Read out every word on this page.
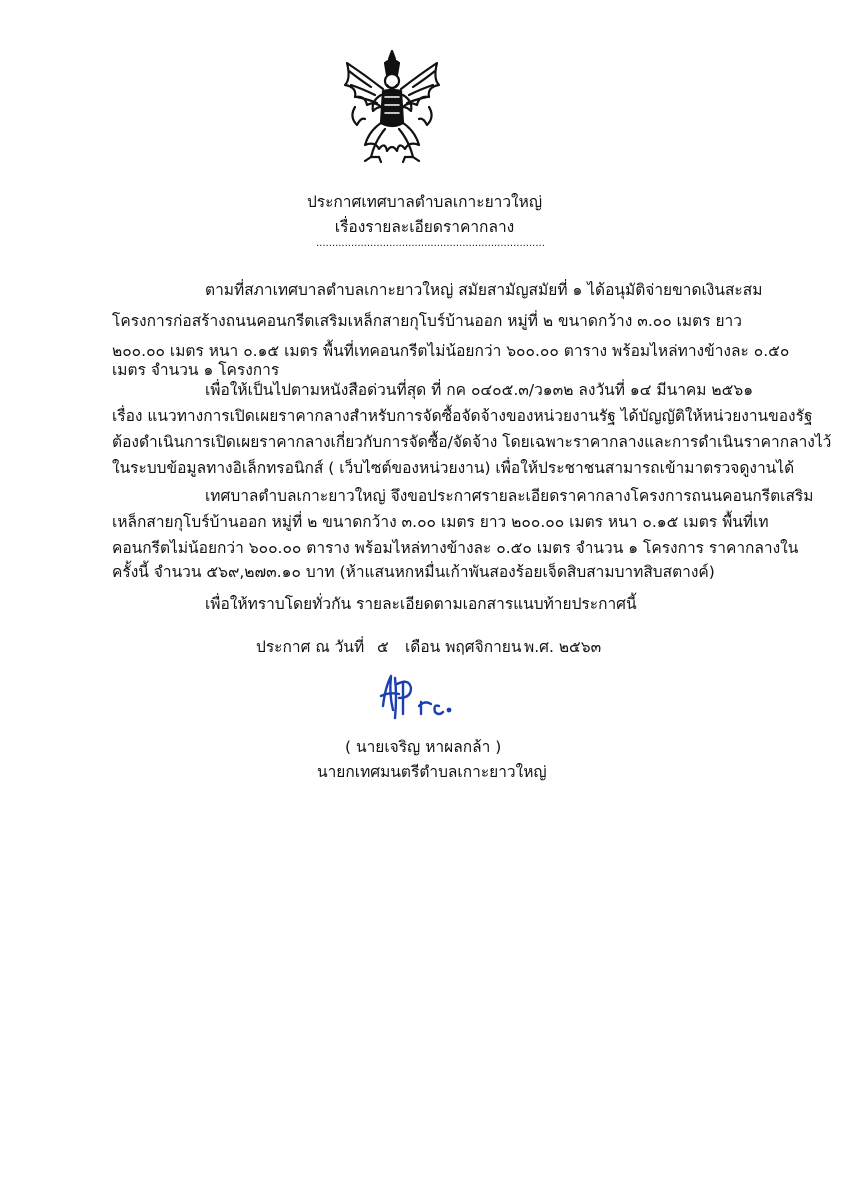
ประกาศเทศบาลตำบลเกาะยาวใหญ่
เรื่องรายละเอียดราคากลาง
........................................................................
ตามที่สภาเทศบาลตำบลเกาะยาวใหญ่ สมัยสามัญสมัยที่ ๑ ได้อนุมัติจ่ายขาดเงินสะสม
โครงการก่อสร้างถนนคอนกรีตเสริมเหล็กสายกุโบร์บ้านออก หมู่ที่ ๒ ขนาดกว้าง ๓.๐๐ เมตร ยาว
๒๐๐.๐๐ เมตร หนา ๐.๑๕ เมตร พื้นที่เทคอนกรีตไม่น้อยกว่า ๖๐๐.๐๐ ตาราง พร้อมไหล่ทางข้างละ ๐.๕๐
เมตร จำนวน ๑ โครงการ
เพื่อให้เป็นไปตามหนังสือด่วนที่สุด ที่ กค ๐๔๐๕.๓/ว๑๓๒ ลงวันที่ ๑๔ มีนาคม ๒๕๖๑
เรื่อง แนวทางการเปิดเผยราคากลางสำหรับการจัดซื้อจัดจ้างของหน่วยงานรัฐ ได้บัญญัติให้หน่วยงานของรัฐ
ต้องดำเนินการเปิดเผยราคากลางเกี่ยวกับการจัดซื้อ/จัดจ้าง โดยเฉพาะราคากลางและการดำเนินราคากลางไว้
ในระบบข้อมูลทางอิเล็กทรอนิกส์ ( เว็บไซต์ของหน่วยงาน) เพื่อให้ประชาชนสามารถเข้ามาตรวจดูงานได้
เทศบาลตำบลเกาะยาวใหญ่ จึงขอประกาศรายละเอียดราคากลางโครงการถนนคอนกรีตเสริม
เหล็กสายกุโบร์บ้านออก หมู่ที่ ๒ ขนาดกว้าง ๓.๐๐ เมตร ยาว ๒๐๐.๐๐ เมตร หนา ๐.๑๕ เมตร พื้นที่เท
คอนกรีตไม่น้อยกว่า ๖๐๐.๐๐ ตาราง พร้อมไหล่ทางข้างละ ๐.๕๐ เมตร จำนวน ๑ โครงการ ราคากลางใน
ครั้งนี้ จำนวน ๕๖๙,๒๗๓.๑๐ บาท (ห้าแสนหกหมื่นเก้าพันสองร้อยเจ็ดสิบสามบาทสิบสตางค์)
เพื่อให้ทราบโดยทั่วกัน รายละเอียดตามเอกสารแนบท้ายประกาศนี้
ประกาศ ณ วันที่ ๕ เดือน พฤศจิกายน พ.ศ. ๒๕๖๓
( นายเจริญ หาผลกล้า )
นายกเทศมนตรีตำบลเกาะยาวใหญ่
